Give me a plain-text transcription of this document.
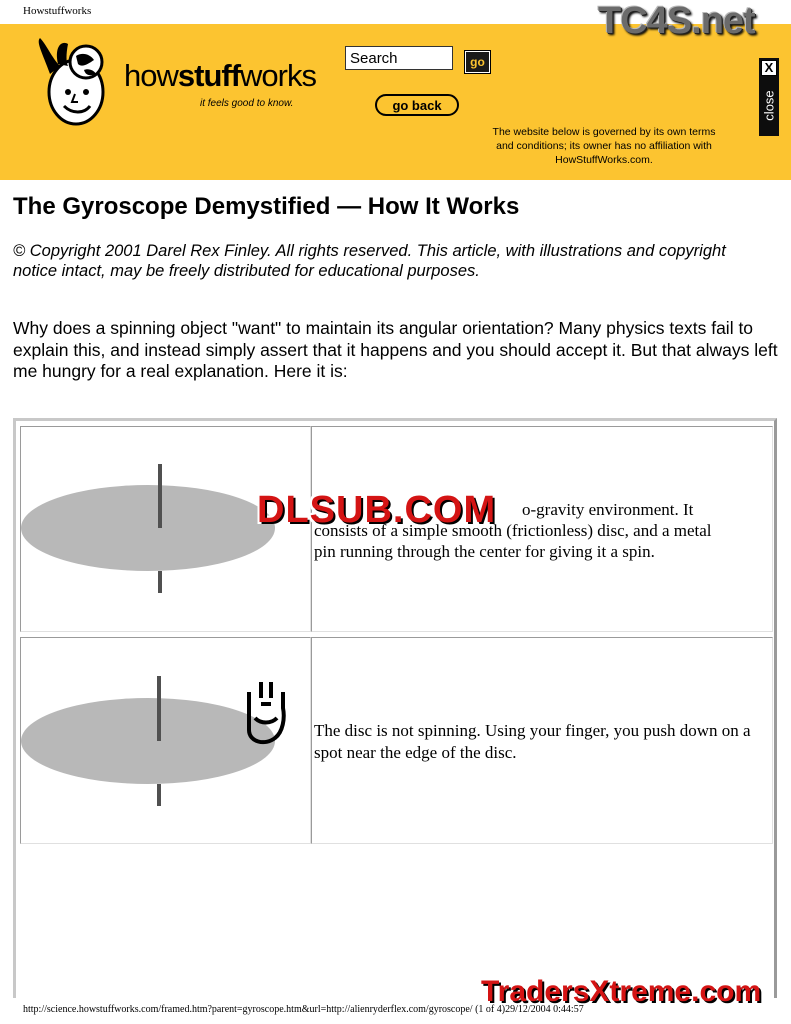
Howstuffworks
howstuffworks
it feels good to know.
Search
go
go back
The website below is governed by its own terms and conditions; its owner has no affiliation with HowStuffWorks.com.
X
close
TC4S.net
The Gyroscope Demystified — How It Works
© Copyright 2001 Darel Rex Finley. All rights reserved. This article, with illustrations and copyright notice intact, may be freely distributed for educational purposes.
Why does a spinning object "want" to maintain its angular orientation? Many physics texts fail to explain this, and instead simply assert that it happens and you should accept it. But that always left me hungry for a real explanation. Here it is:
o-gravity environment. It
consists of a simple smooth (frictionless) disc, and a metal
pin running through the center for giving it a spin.
The disc is not spinning. Using your finger, you push down on a spot near the edge of the disc.
DLSUB.COM
http://science.howstuffworks.com/framed.htm?parent=gyroscope.htm&url=http://alienryderflex.com/gyroscope/ (1 of 4)29/12/2004 0:44:57
TradersXtreme.com
